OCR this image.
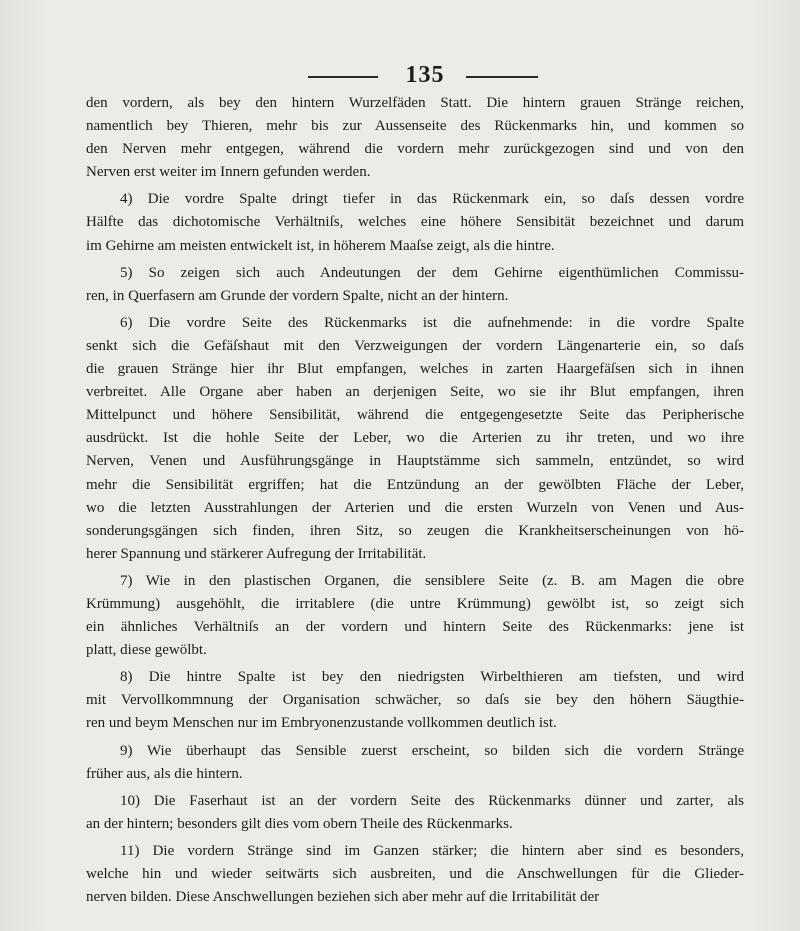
135
den vordern, als bey den hintern Wurzelfäden Statt. Die hintern grauen Stränge reichen,
namentlich bey Thieren, mehr bis zur Aussenseite des Rückenmarks hin, und kommen so
den Nerven mehr entgegen, während die vordern mehr zurückgezogen sind und von den
Nerven erst weiter im Innern gefunden werden.
4) Die vordre Spalte dringt tiefer in das Rückenmark ein, so daſs dessen vordre
Hälfte das dichotomische Verhältniſs, welches eine höhere Sensibität bezeichnet und darum
im Gehirne am meisten entwickelt ist, in höherem Maaſse zeigt, als die hintre.
5) So zeigen sich auch Andeutungen der dem Gehirne eigenthümlichen Commissu-
ren, in Querfasern am Grunde der vordern Spalte, nicht an der hintern.
6) Die vordre Seite des Rückenmarks ist die aufnehmende: in die vordre Spalte
senkt sich die Gefäſshaut mit den Verzweigungen der vordern Längenarterie ein, so daſs
die grauen Stränge hier ihr Blut empfangen, welches in zarten Haargefäſsen sich in ihnen
verbreitet. Alle Organe aber haben an derjenigen Seite, wo sie ihr Blut empfangen, ihren
Mittelpunct und höhere Sensibilität, während die entgegengesetzte Seite das Peripherische
ausdrückt. Ist die hohle Seite der Leber, wo die Arterien zu ihr treten, und wo ihre
Nerven, Venen und Ausführungsgänge in Hauptstämme sich sammeln, entzündet, so wird
mehr die Sensibilität ergriffen; hat die Entzündung an der gewölbten Fläche der Leber,
wo die letzten Ausstrahlungen der Arterien und die ersten Wurzeln von Venen und Aus-
sonderungsgängen sich finden, ihren Sitz, so zeugen die Krankheitserscheinungen von hö-
herer Spannung und stärkerer Aufregung der Irritabilität.
7) Wie in den plastischen Organen, die sensiblere Seite (z. B. am Magen die obre
Krümmung) ausgehöhlt, die irritablere (die untre Krümmung) gewölbt ist, so zeigt sich
ein ähnliches Verhältniſs an der vordern und hintern Seite des Rückenmarks: jene ist
platt, diese gewölbt.
8) Die hintre Spalte ist bey den niedrigsten Wirbelthieren am tiefsten, und wird
mit Vervollkommnung der Organisation schwächer, so daſs sie bey den höhern Säugthie-
ren und beym Menschen nur im Embryonenzustande vollkommen deutlich ist.
9) Wie überhaupt das Sensible zuerst erscheint, so bilden sich die vordern Stränge
früher aus, als die hintern.
10) Die Faserhaut ist an der vordern Seite des Rückenmarks dünner und zarter, als
an der hintern; besonders gilt dies vom obern Theile des Rückenmarks.
11) Die vordern Stränge sind im Ganzen stärker; die hintern aber sind es besonders,
welche hin und wieder seitwärts sich ausbreiten, und die Anschwellungen für die Glieder-
nerven bilden. Diese Anschwellungen beziehen sich aber mehr auf die Irritabilität der
